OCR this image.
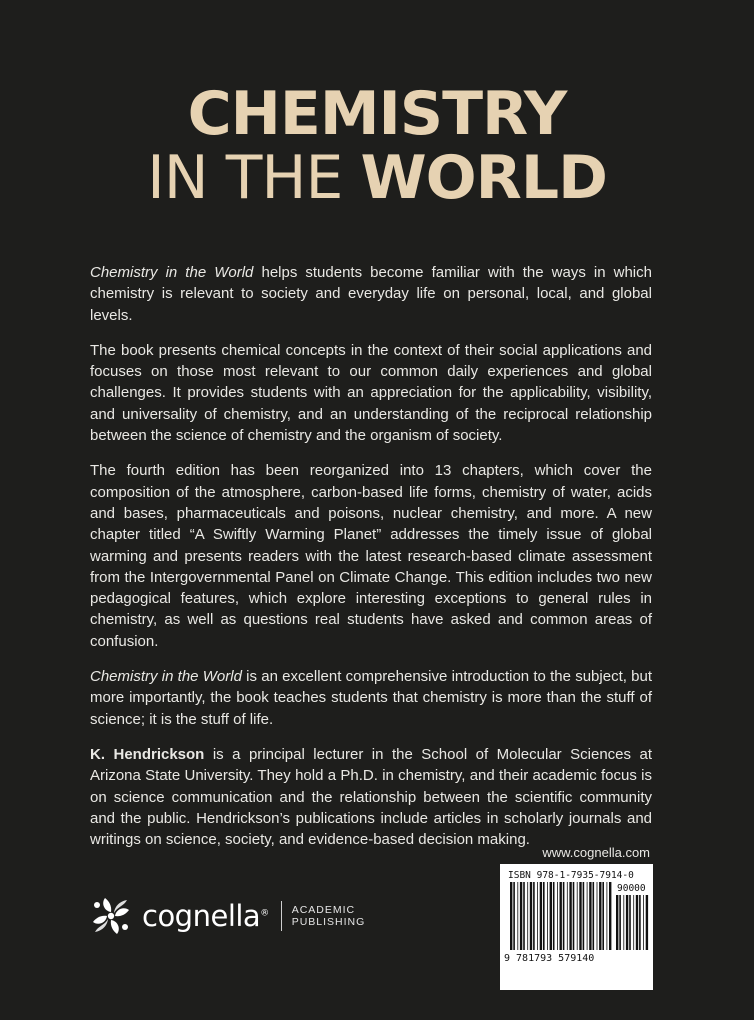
CHEMISTRY
IN THE WORLD

Chemistry in the World helps students become familiar with the ways in which chemistry is relevant to society and everyday life on personal, local, and global levels.

The book presents chemical concepts in the context of their social applications and focuses on those most relevant to our common daily experiences and global challenges. It provides students with an appreciation for the applicability, visibility, and universality of chemistry, and an understanding of the reciprocal relationship between the science of chemistry and the organism of society.

The fourth edition has been reorganized into 13 chapters, which cover the composition of the atmosphere, carbon-based life forms, chemistry of water, acids and bases, pharmaceuticals and poisons, nuclear chemistry, and more. A new chapter titled “A Swiftly Warming Planet” addresses the timely issue of global warming and presents readers with the latest research-based climate assessment from the Intergovernmental Panel on Climate Change. This edition includes two new pedagogical features, which explore interesting exceptions to general rules in chemistry, as well as questions real students have asked and common areas of confusion.

Chemistry in the World is an excellent comprehensive introduction to the subject, but more importantly, the book teaches students that chemistry is more than the stuff of science; it is the stuff of life.

K. Hendrickson is a principal lecturer in the School of Molecular Sciences at Arizona State University. They hold a Ph.D. in chemistry, and their academic focus is on science communication and the relationship between the scientific community and the public. Hendrickson’s publications include articles in scholarly journals and writings on science, society, and evidence-based decision making.

cognella® ACADEMIC
PUBLISHING
www.cognella.com
ISBN 978-1-7935-7914-0
90000
9 781793 579140
